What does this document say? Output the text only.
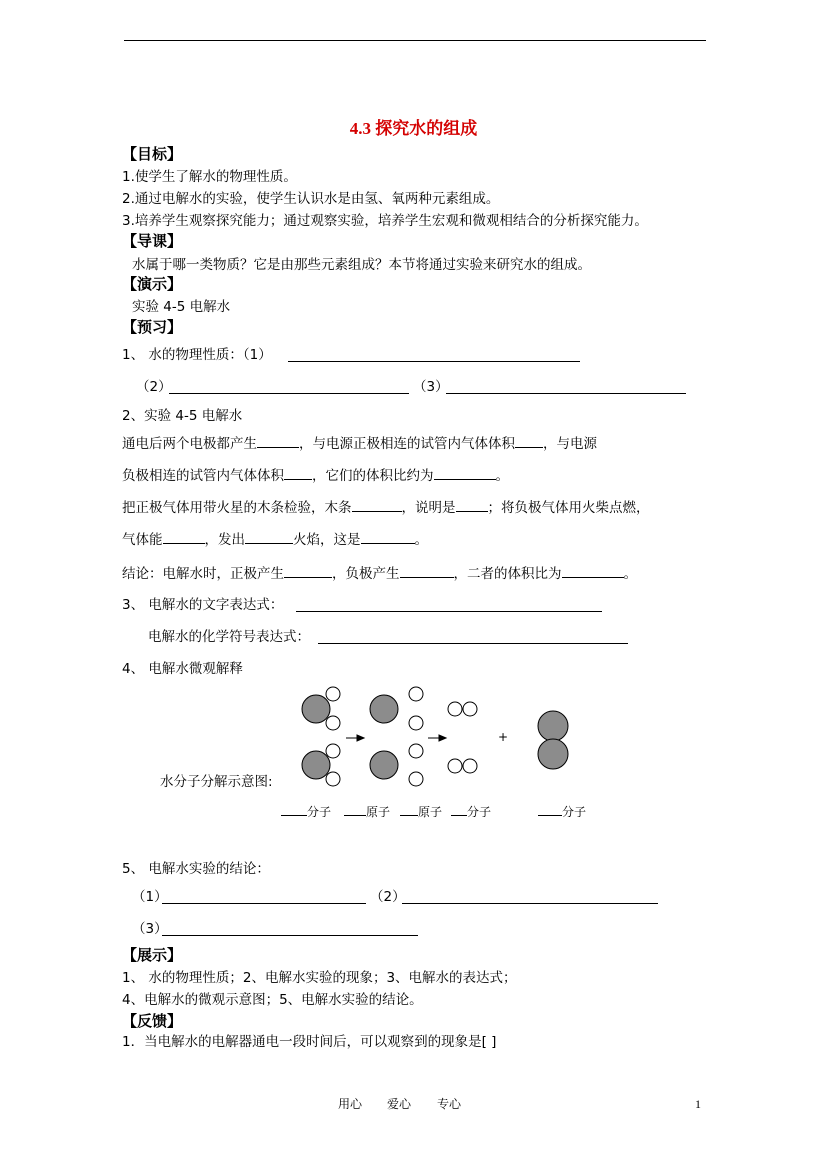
4.3 探究水的组成
【目标】
1.使学生了解水的物理性质。
2.通过电解水的实验，使学生认识水是由氢、氧两种元素组成。
3.培养学生观察探究能力；通过观察实验，培养学生宏观和微观相结合的分析探究能力。
【导课】
水属于哪一类物质？它是由那些元素组成？本节将通过实验来研究水的组成。
【演示】
实验 4-5 电解水
【预习】
1、 水的物理性质：（1）
（2）	（3）
2、实验 4-5 电解水
通电后两个电极都产生	，与电源正极相连的试管内气体体积 ，与电源
负极相连的试管内气体体积 ，它们的体积比约为	。
把正极气体用带火星的木条检验，木条	，说明是 ；将负极气体用火柴点燃，
气体能	，发出	火焰，这是	。
结论：电解水时，正极产生	，负极产生	，二者的体积比为	。
3、 电解水的文字表达式：
电解水的化学符号表达式：
4、 电解水微观解释
+
水分子分解示意图:
分子	原子	原子	分子	分子
5、 电解水实验的结论：
（1）	（2）
（3）
【展示】
1、 水的物理性质；2、电解水实验的现象；3、电解水的表达式；
4、电解水的微观示意图；5、电解水实验的结论。
【反馈】
1．当电解水的电解器通电一段时间后，可以观察到的现象是[ ]
用心 爱心 专心	1
